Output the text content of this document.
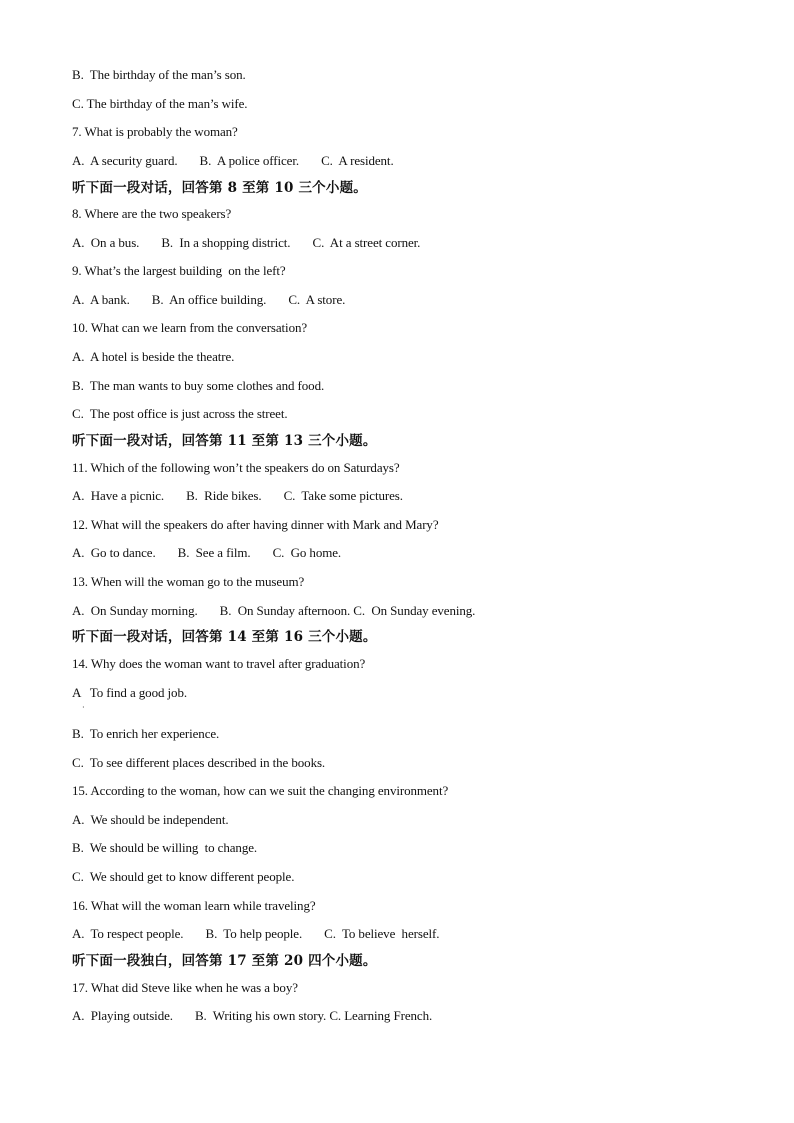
B.  The birthday of the man’s son.
C. The birthday of the man’s wife.
7. What is probably the woman?
A.  A security guard.       B.  A police officer.       C.  A resident.
听下面一段对话，回答第 8 至第 10 三个小题。
8. Where are the two speakers?
A.  On a bus.       B.  In a shopping district.       C.  At a street corner.
9. What’s the largest building  on the left?
A.  A bank.       B.  An office building.       C.  A store.
10. What can we learn from the conversation?
A.  A hotel is beside the theatre.
B.  The man wants to buy some clothes and food.
C.  The post office is just across the street.
听下面一段对话，回答第 11 至第 13 三个小题。
11. Which of the following won’t the speakers do on Saturdays?
A.  Have a picnic.       B.  Ride bikes.       C.  Take some pictures.
12. What will the speakers do after having dinner with Mark and Mary?
A.  Go to dance.       B.  See a film.       C.  Go home.
13. When will the woman go to the museum?
A.  On Sunday morning.       B.  On Sunday afternoon. C.  On Sunday evening.
听下面一段对话，回答第 14 至第 16 三个小题。
14. Why does the woman want to travel after graduation?
A   To find a good job.
·
B.  To enrich her experience.
C.  To see different places described in the books.
15. According to the woman, how can we suit the changing environment?
A.  We should be independent.
B.  We should be willing  to change.
C.  We should get to know different people.
16. What will the woman learn while traveling?
A.  To respect people.       B.  To help people.       C.  To believe  herself.
听下面一段独白，回答第 17 至第 20 四个小题。
17. What did Steve like when he was a boy?
A.  Playing outside.       B.  Writing his own story. C. Learning French.
